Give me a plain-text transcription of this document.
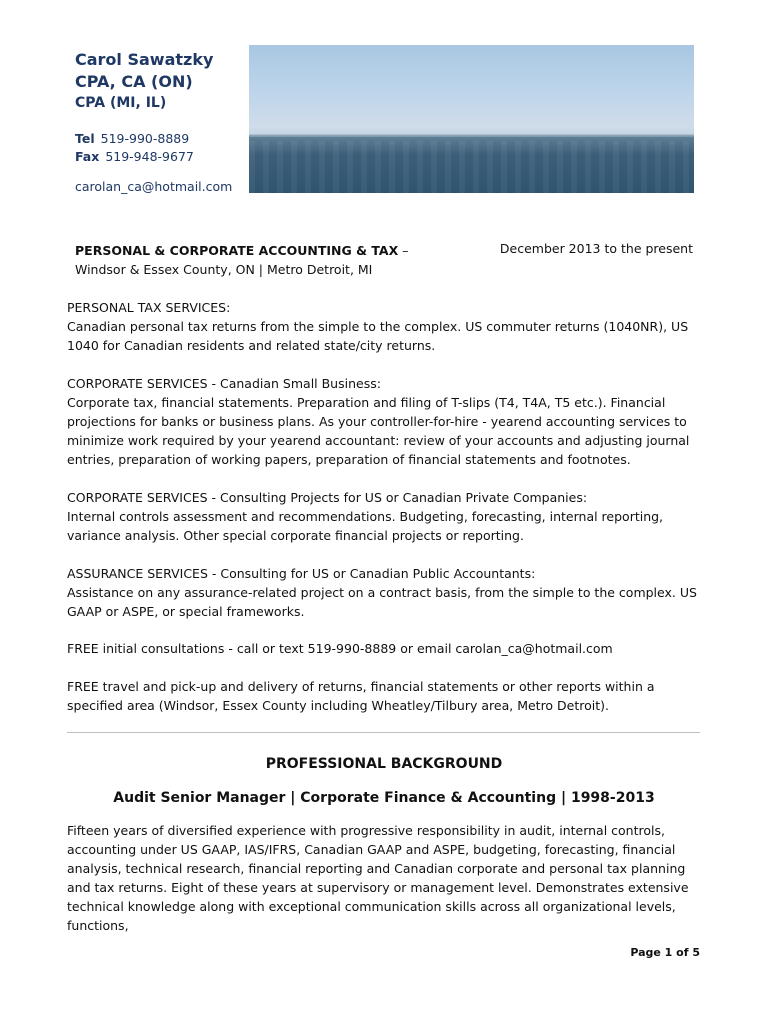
Carol Sawatzky

CPA, CA (ON)

CPA (MI, IL)

Tel 519-990-8889
Fax 519-948-9677
carolan_ca@hotmail.com
PERSONAL & CORPORATE ACCOUNTING & TAX –
Windsor & Essex County, ON | Metro Detroit, MI
December 2013 to the present

PERSONAL TAX SERVICES:

Canadian personal tax returns from the simple to the complex. US commuter returns (1040NR), US 1040 for Canadian residents and related state/city returns.

CORPORATE SERVICES - Canadian Small Business:

Corporate tax, financial statements. Preparation and filing of T-slips (T4, T4A, T5 etc.). Financial projections for banks or business plans. As your controller-for-hire - yearend accounting services to minimize work required by your yearend accountant: review of your accounts and adjusting journal entries, preparation of working papers, preparation of financial statements and footnotes.

CORPORATE SERVICES - Consulting Projects for US or Canadian Private Companies:

Internal controls assessment and recommendations. Budgeting, forecasting, internal reporting, variance analysis. Other special corporate financial projects or reporting.

ASSURANCE SERVICES - Consulting for US or Canadian Public Accountants:

Assistance on any assurance-related project on a contract basis, from the simple to the complex. US GAAP or ASPE, or special frameworks.

FREE initial consultations - call or text 519-990-8889 or email carolan_ca@hotmail.com

FREE travel and pick-up and delivery of returns, financial statements or other reports within a specified area (Windsor, Essex County including Wheatley/Tilbury area, Metro Detroit).

PROFESSIONAL BACKGROUND
Audit Senior Manager | Corporate Finance & Accounting | 1998-2013

Fifteen years of diversified experience with progressive responsibility in audit, internal controls, accounting under US GAAP, IAS/IFRS, Canadian GAAP and ASPE, budgeting, forecasting, financial analysis, technical research, financial reporting and Canadian corporate and personal tax planning and tax returns. Eight of these years at supervisory or management level. Demonstrates extensive technical knowledge along with exceptional communication skills across all organizational levels, functions,

Page 1 of 5
